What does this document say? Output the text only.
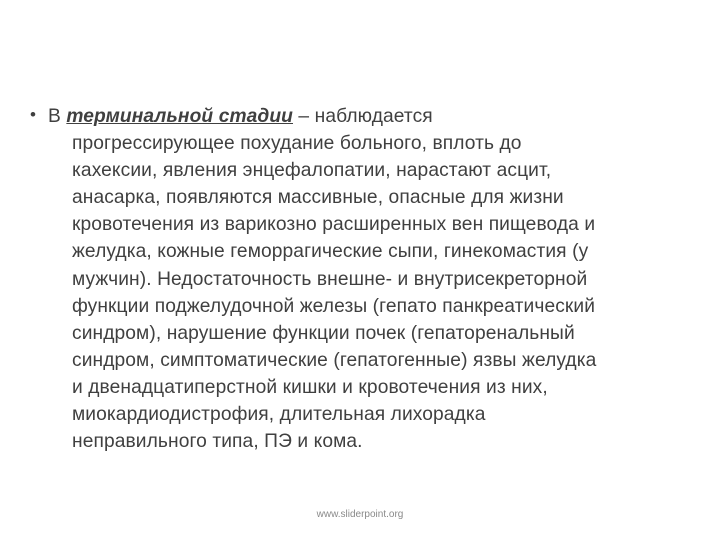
• В терминальной стадии – наблюдается
прогрессирующее похудание больного, вплоть до
кахексии, явления энцефалопатии, нарастают асцит,
анасарка, появляются массивные, опасные для жизни
кровотечения из варикозно расширенных вен пищевода и
желудка, кожные геморрагические сыпи, гинекомастия (у
мужчин). Недостаточность внешне- и внутрисекреторной
функции поджелудочной железы (гепато панкреатический
синдром), нарушение функции почек (гепаторенальный
синдром, симптоматические (гепатогенные) язвы желудка
и двенадцатиперстной кишки и кровотечения из них,
миокардиодистрофия, длительная лихорадка
неправильного типа, ПЭ и кома.
www.sliderpoint.org
